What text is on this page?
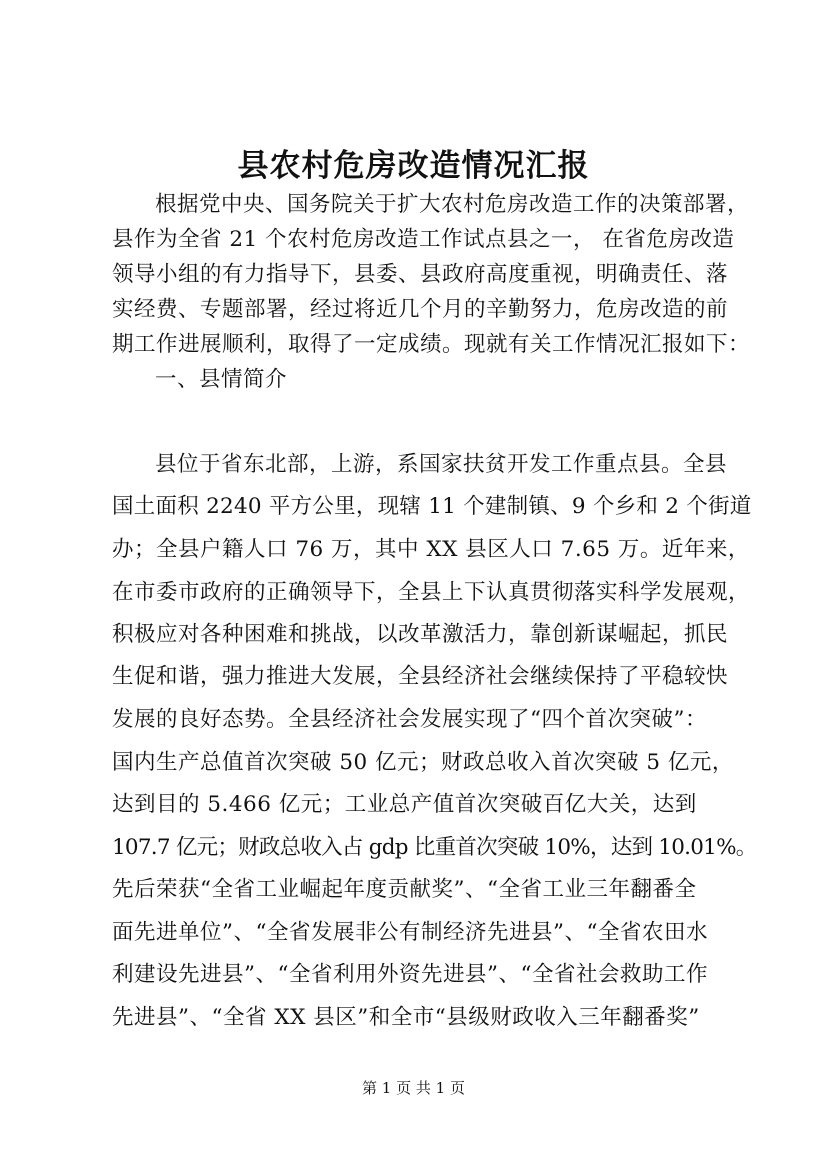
县农村危房改造情况汇报
根据党中央、国务院关于扩大农村危房改造工作的决策部署，
县作为全省 21 个农村危房改造工作试点县之一， 在省危房改造
领导小组的有力指导下，县委、县政府高度重视，明确责任、落
实经费、专题部署，经过将近几个月的辛勤努力，危房改造的前
期工作进展顺利，取得了一定成绩。现就有关工作情况汇报如下：
一、县情简介
县位于省东北部，上游，系国家扶贫开发工作重点县。全县
国土面积 2240 平方公里，现辖 11 个建制镇、9 个乡和 2 个街道
办；全县户籍人口 76 万，其中 XX 县区人口 7.65 万。近年来，
在市委市政府的正确领导下，全县上下认真贯彻落实科学发展观，
积极应对各种困难和挑战，以改革激活力，靠创新谋崛起，抓民
生促和谐，强力推进大发展，全县经济社会继续保持了平稳较快
发展的良好态势。全县经济社会发展实现了“四个首次突破”：
国内生产总值首次突破 50 亿元；财政总收入首次突破 5 亿元，
达到目的 5.466 亿元；工业总产值首次突破百亿大关，达到
107.7 亿元；财政总收入占 gdp 比重首次突破 10%，达到 10.01%。
先后荣获“全省工业崛起年度贡献奖”、“全省工业三年翻番全
面先进单位”、“全省发展非公有制经济先进县”、“全省农田水
利建设先进县”、“全省利用外资先进县”、“全省社会救助工作
先进县”、“全省 XX 县区”和全市“县级财政收入三年翻番奖”
第 1 页 共 1 页
